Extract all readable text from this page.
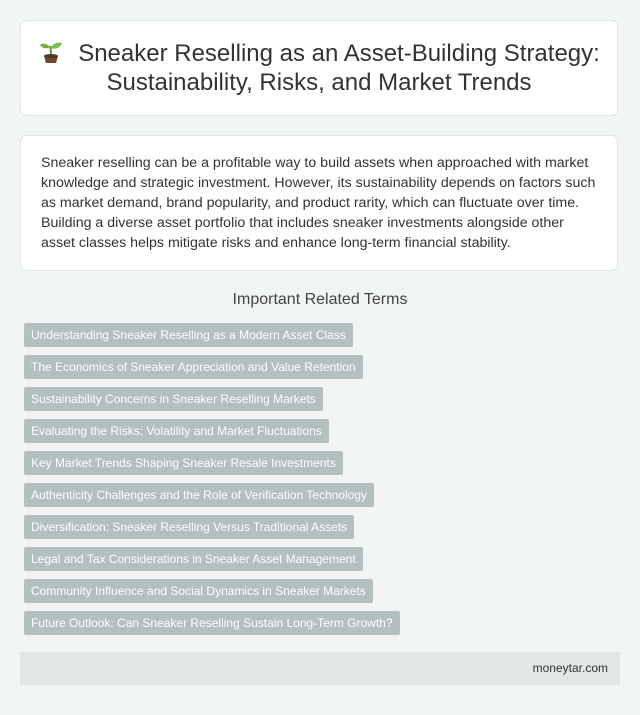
Sneaker Reselling as an Asset-Building Strategy: Sustainability, Risks, and Market Trends

Sneaker reselling can be a profitable way to build assets when approached with market knowledge and strategic investment. However, its sustainability depends on factors such as market demand, brand popularity, and product rarity, which can fluctuate over time. Building a diverse asset portfolio that includes sneaker investments alongside other asset classes helps mitigate risks and enhance long-term financial stability.

Important Related Terms
Understanding Sneaker Reselling as a Modern Asset Class
The Economics of Sneaker Appreciation and Value Retention
Sustainability Concerns in Sneaker Reselling Markets
Evaluating the Risks: Volatility and Market Fluctuations
Key Market Trends Shaping Sneaker Resale Investments
Authenticity Challenges and the Role of Verification Technology
Diversification: Sneaker Reselling Versus Traditional Assets
Legal and Tax Considerations in Sneaker Asset Management
Community Influence and Social Dynamics in Sneaker Markets
Future Outlook: Can Sneaker Reselling Sustain Long-Term Growth?
moneytar.com
